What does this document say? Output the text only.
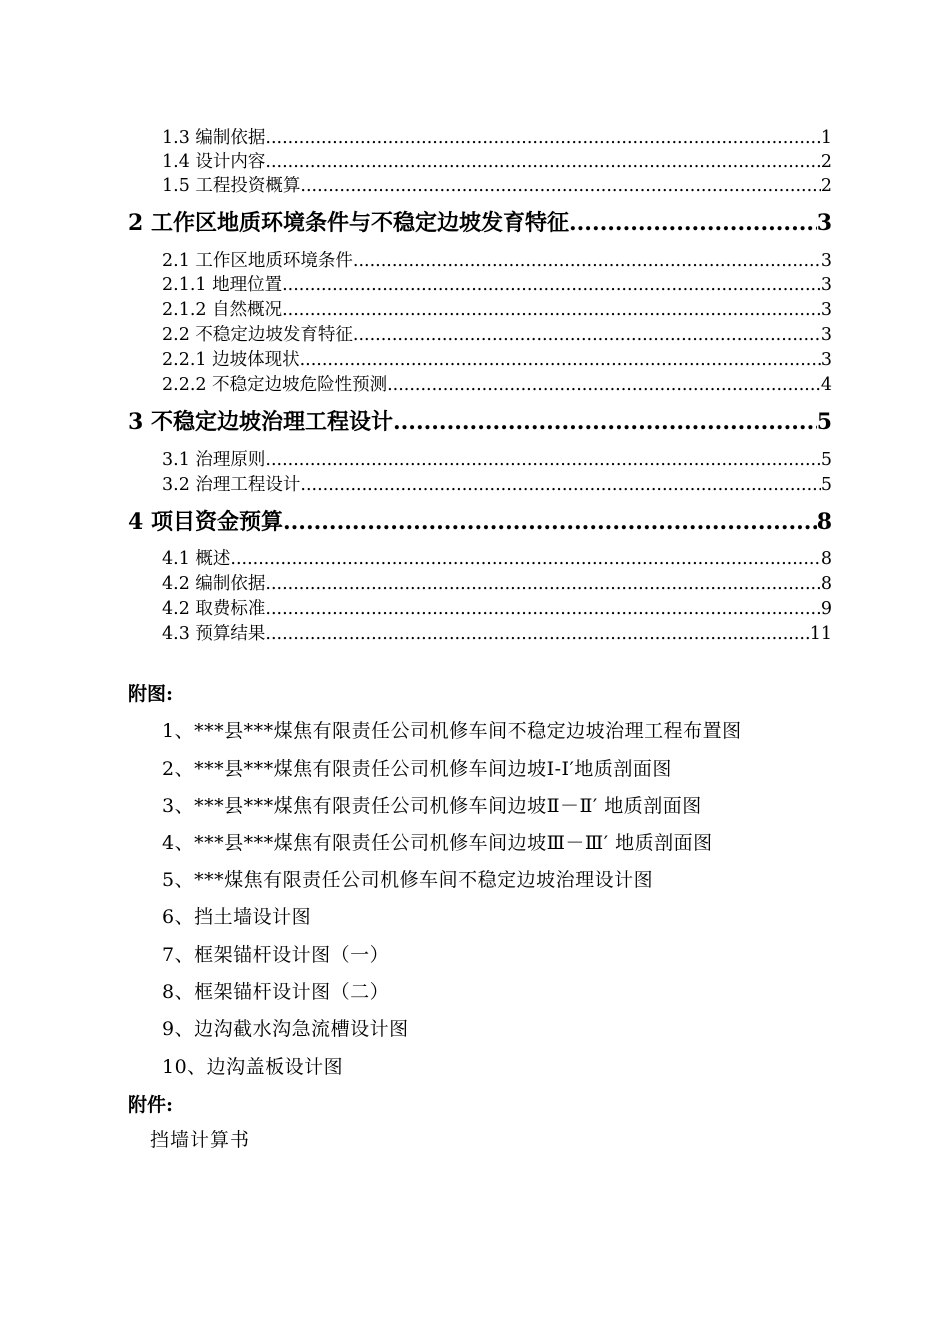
1.3 编制依据 .....	1
1.4 设计内容 .....	2
1.5 工程投资概算 .....	2
2 工作区地质环境条件与不稳定边坡发育特征 .....	3
2.1 工作区地质环境条件 .....	3
2.1.1 地理位置 .....	3
2.1.2 自然概况 .....	3
2.2 不稳定边坡发育特征 .....	3
2.2.1 边坡体现状 .....	3
2.2.2 不稳定边坡危险性预测 .....	4
3 不稳定边坡治理工程设计 .....	5
3.1 治理原则 .....	5
3.2 治理工程设计 .....	5
4 项目资金预算 .....	8
4.1 概述 .....	8
4.2 编制依据 .....	8
4.2 取费标准 .....	9
4.3 预算结果 .....	11
附图:
1、***县***煤焦有限责任公司机修车间不稳定边坡治理工程布置图
2、***县***煤焦有限责任公司机修车间边坡Ⅰ-Ⅰ′地质剖面图
3、***县***煤焦有限责任公司机修车间边坡Ⅱ－Ⅱ′ 地质剖面图
4、***县***煤焦有限责任公司机修车间边坡Ⅲ－Ⅲ′ 地质剖面图
5、***煤焦有限责任公司机修车间不稳定边坡治理设计图
6、挡土墙设计图
7、框架锚杆设计图（一）
8、框架锚杆设计图（二）
9、边沟截水沟急流槽设计图
10、边沟盖板设计图
附件:
挡墙计算书
